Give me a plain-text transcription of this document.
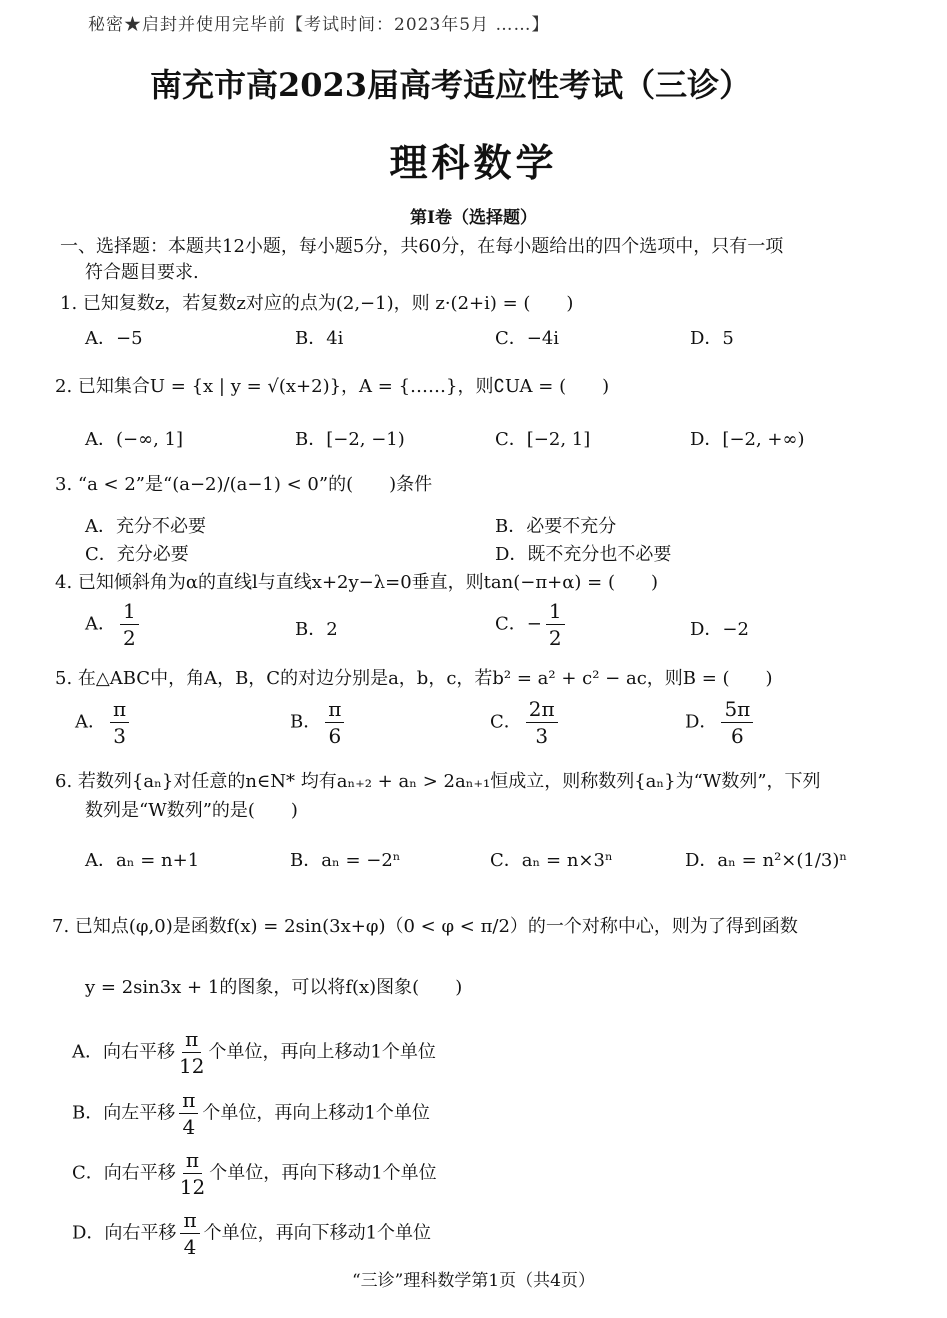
秘密★启封并使用完毕前【考试时间：2023年5月 ……】
南充市高2023届高考适应性考试（三诊）
理科数学
第Ⅰ卷（选择题）
一、选择题：本题共12小题，每小题5分，共60分，在每小题给出的四个选项中，只有一项
符合题目要求.
1. 已知复数z，若复数z对应的点为(2,−1)，则 z·(2+i) = (　　)
A．−5	B．4i	C．−4i	D．5
2. 已知集合U = {x | y = √(x+2)}，A = {……}，则∁UA = (　　)
A．(−∞, 1]	B．[−2, −1)	C．[−2, 1]	D．[−2, +∞)
3. “a < 2”是“(a−2)/(a−1) < 0”的(　　)条件
A．充分不必要	B．必要不充分
C．充分必要	D．既不充分也不必要
4. 已知倾斜角为α的直线l与直线x+2y−λ=0垂直，则tan(−π+α) = (　　)
A． $\frac{1}{2}$	B．2	C．− $\frac{1}{2}$	D．−2
5. 在△ABC中，角A，B，C的对边分别是a，b，c，若b² = a² + c² − ac，则B = (　　)
A． $\frac{\pi}{3}$	B． $\frac{\pi}{6}$	C． $\frac{2\pi}{3}$	D． $\frac{5\pi}{6}$
6. 若数列{aₙ}对任意的n∈N* 均有aₙ₊₂ + aₙ > 2aₙ₊₁恒成立，则称数列{aₙ}为“W数列”，下列
数列是“W数列”的是(　　)
A．aₙ = n+1	B．aₙ = −2ⁿ	C．aₙ = n×3ⁿ	D．aₙ = n²×(1/3)ⁿ
7. 已知点(φ,0)是函数f(x) = 2sin(3x+φ)（0 < φ < π/2）的一个对称中心，则为了得到函数
y = 2sin3x + 1的图象，可以将f(x)图象(　　)
A．向右平移 $\frac{\pi}{12}$ 个单位，再向上移动1个单位
B．向左平移 $\frac{\pi}{4}$ 个单位，再向上移动1个单位
C．向右平移 $\frac{\pi}{12}$ 个单位，再向下移动1个单位
D．向右平移 $\frac{\pi}{4}$ 个单位，再向下移动1个单位
“三诊”理科数学第1页（共4页）
